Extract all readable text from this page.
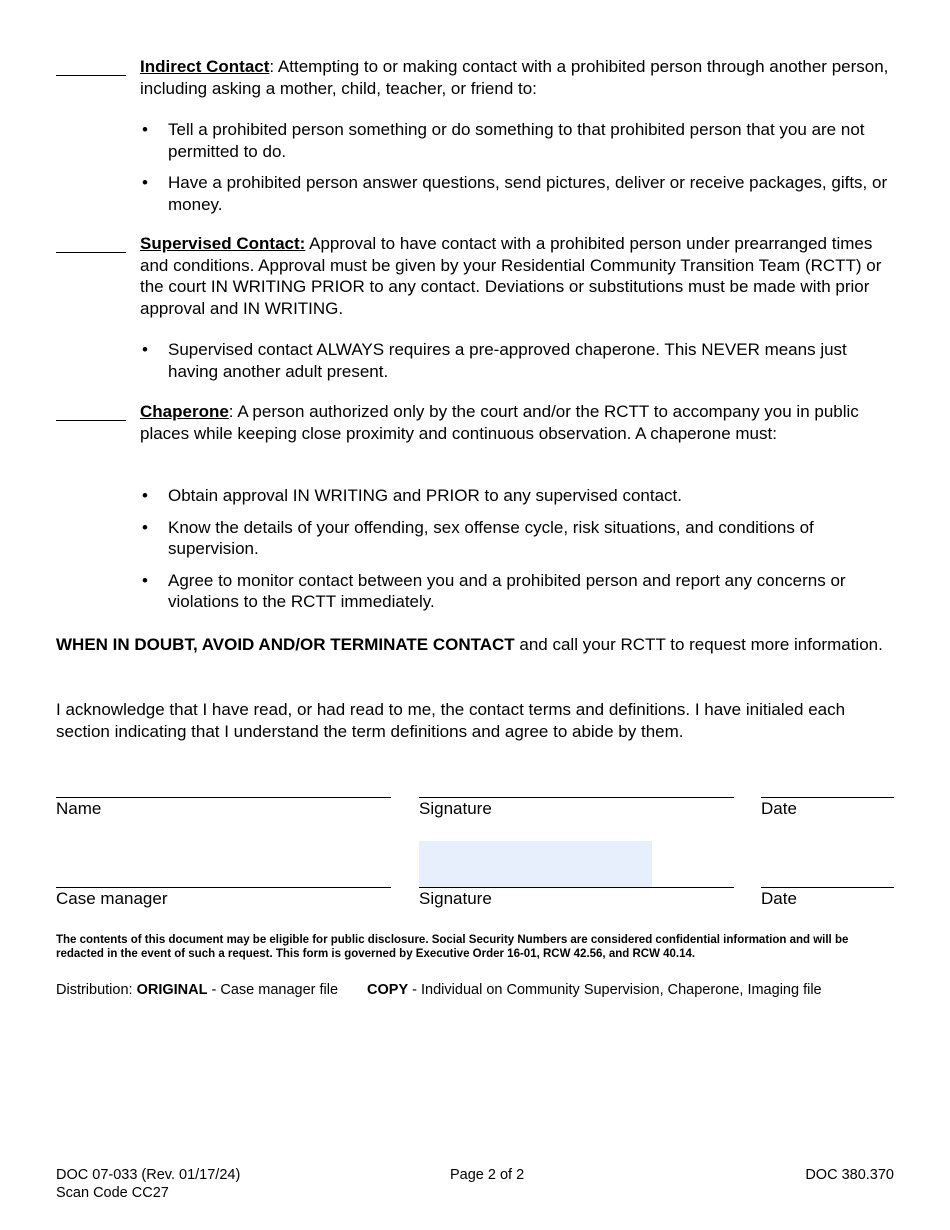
Indirect Contact: Attempting to or making contact with a prohibited person through another person, including asking a mother, child, teacher, or friend to:
• Tell a prohibited person something or do something to that prohibited person that you are not permitted to do.
• Have a prohibited person answer questions, send pictures, deliver or receive packages, gifts, or money.
Supervised Contact: Approval to have contact with a prohibited person under prearranged times and conditions. Approval must be given by your Residential Community Transition Team (RCTT) or the court IN WRITING PRIOR to any contact. Deviations or substitutions must be made with prior approval and IN WRITING.
• Supervised contact ALWAYS requires a pre-approved chaperone. This NEVER means just having another adult present.
Chaperone: A person authorized only by the court and/or the RCTT to accompany you in public places while keeping close proximity and continuous observation. A chaperone must:
• Obtain approval IN WRITING and PRIOR to any supervised contact.
• Know the details of your offending, sex offense cycle, risk situations, and conditions of supervision.
• Agree to monitor contact between you and a prohibited person and report any concerns or violations to the RCTT immediately.
WHEN IN DOUBT, AVOID AND/OR TERMINATE CONTACT and call your RCTT to request more information.
I acknowledge that I have read, or had read to me, the contact terms and definitions. I have initialed each section indicating that I understand the term definitions and agree to abide by them.
Name	Signature	Date
Case manager	Signature	Date
The contents of this document may be eligible for public disclosure. Social Security Numbers are considered confidential information and will be redacted in the event of such a request. This form is governed by Executive Order 16-01, RCW 42.56, and RCW 40.14.
Distribution: ORIGINAL - Case manager file COPY - Individual on Community Supervision, Chaperone, Imaging file
DOC 07-033 (Rev. 01/17/24)
Scan Code CC27
Page 2 of 2	DOC 380.370
